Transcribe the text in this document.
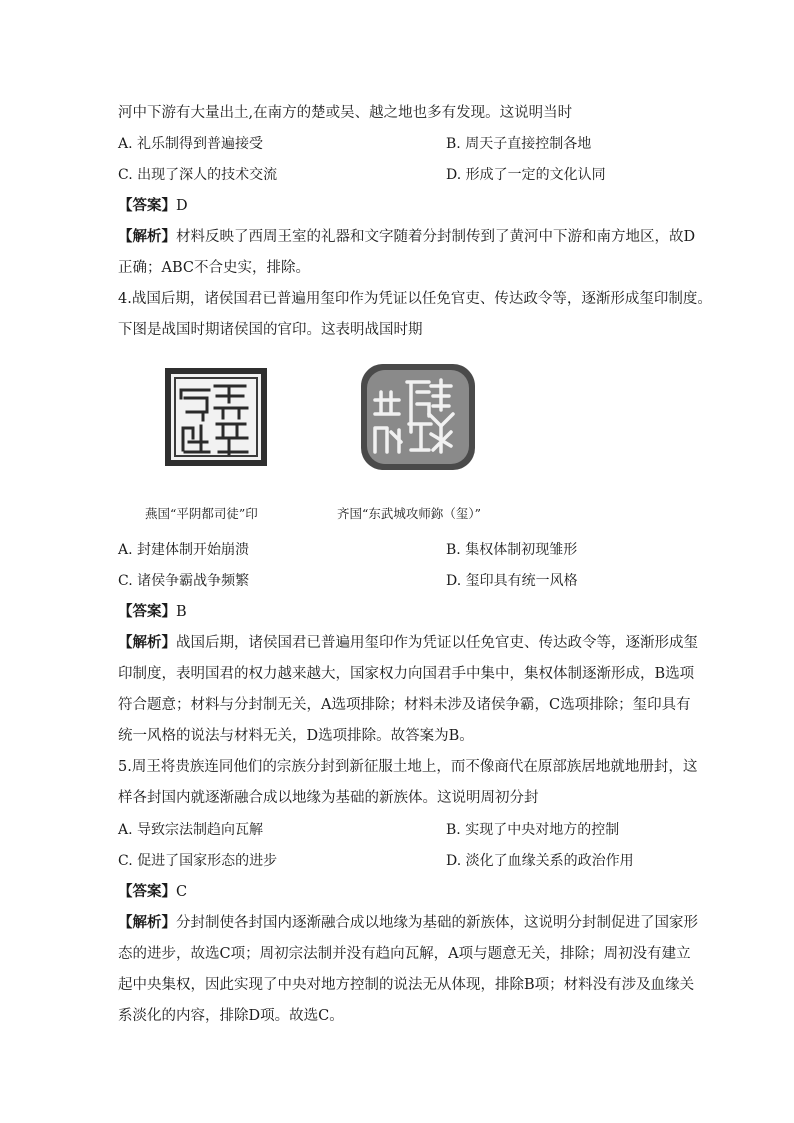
河中下游有大量出土,在南方的楚或吴、越之地也多有发现。这说明当时
A. 礼乐制得到普遍接受	B. 周天子直接控制各地
C. 出现了深人的技术交流	D. 形成了一定的文化认同
【答案】D
【解析】材料反映了西周王室的礼器和文字随着分封制传到了黄河中下游和南方地区，故D
正确；ABC不合史实，排除。
4.战国后期，诸侯国君已普遍用玺印作为凭证以任免官吏、传达政令等，逐渐形成玺印制度。
下图是战国时期诸侯国的官印。这表明战国时期
燕国“平阴都司徒”印	齐国“东武城攻师鉨（玺）”
A. 封建体制开始崩溃	B. 集权体制初现雏形
C. 诸侯争霸战争频繁	D. 玺印具有统一风格
【答案】B
【解析】战国后期，诸侯国君已普遍用玺印作为凭证以任免官吏、传达政令等，逐渐形成玺
印制度，表明国君的权力越来越大，国家权力向国君手中集中，集权体制逐渐形成，B选项
符合题意；材料与分封制无关，A选项排除；材料未涉及诸侯争霸，C选项排除；玺印具有
统一风格的说法与材料无关，D选项排除。故答案为B。
5.周王将贵族连同他们的宗族分封到新征服土地上，而不像商代在原部族居地就地册封，这
样各封国内就逐渐融合成以地缘为基础的新族体。这说明周初分封
A. 导致宗法制趋向瓦解	B. 实现了中央对地方的控制
C. 促进了国家形态的进步	D. 淡化了血缘关系的政治作用
【答案】C
【解析】分封制使各封国内逐渐融合成以地缘为基础的新族体，这说明分封制促进了国家形
态的进步，故选C项；周初宗法制并没有趋向瓦解，A项与题意无关，排除；周初没有建立
起中央集权，因此实现了中央对地方控制的说法无从体现，排除B项；材料没有涉及血缘关
系淡化的内容，排除D项。故选C。
